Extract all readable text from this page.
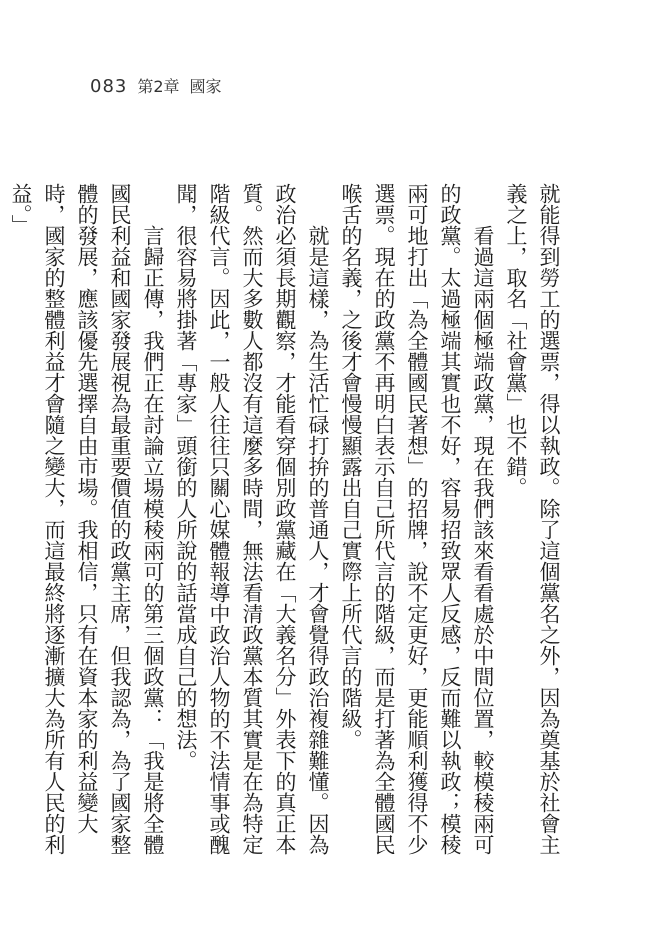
083 第2章 國家

就能得到勞工的選票，得以執政。除了這個黨名之外，因為奠基於社會主義之上，取名「社會黨」也不錯。

看過這兩個極端政黨，現在我們該來看看處於中間位置，較模稜兩可的政黨。太過極端其實也不好，容易招致眾人反感，反而難以執政；模稜兩可地打出「為全體國民著想」的招牌，說不定更好，更能順利獲得不少選票。現在的政黨不再明白表示自己所代言的階級，而是打著為全體國民喉舌的名義，之後才會慢慢顯露出自己實際上所代言的階級。

就是這樣，為生活忙碌打拚的普通人，才會覺得政治複雜難懂。因為政治必須長期觀察，才能看穿個別政黨藏在「大義名分」外表下的真正本質。然而大多數人都沒有這麼多時間，無法看清政黨本質其實是在為特定階級代言。因此，一般人往往只關心媒體報導中政治人物的不法情事或醜聞，很容易將掛著「專家」頭銜的人所說的話當成自己的想法。

言歸正傳，我們正在討論立場模稜兩可的第三個政黨：「我是將全體國民利益和國家發展視為最重要價值的政黨主席，但我認為，為了國家整體的發展，應該優先選擇自由市場。我相信，只有在資本家的利益變大時，國家的整體利益才會隨之變大，而這最終將逐漸擴大為所有人民的利益。」
